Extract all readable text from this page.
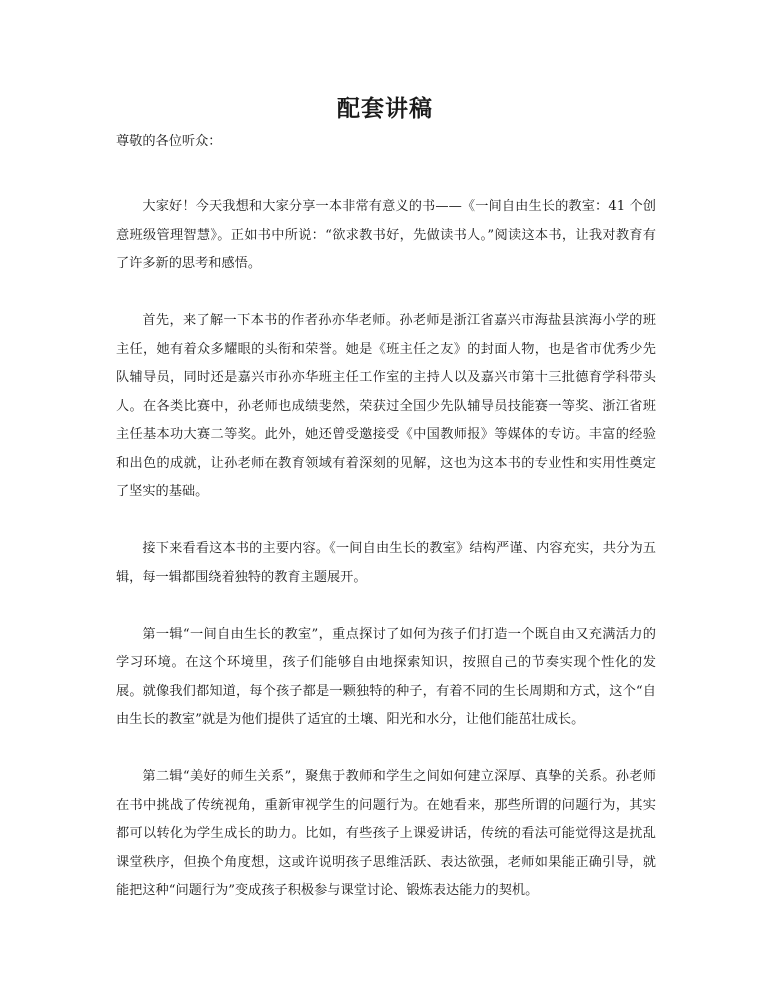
配套讲稿

尊敬的各位听众：

大家好！今天我想和大家分享一本非常有意义的书——《一间自由生长的教室：41 个创意班级管理智慧》。正如书中所说：“欲求教书好，先做读书人。”阅读这本书，让我对教育有了许多新的思考和感悟。

首先，来了解一下本书的作者孙亦华老师。孙老师是浙江省嘉兴市海盐县滨海小学的班主任，她有着众多耀眼的头衔和荣誉。她是《班主任之友》的封面人物，也是省市优秀少先队辅导员，同时还是嘉兴市孙亦华班主任工作室的主持人以及嘉兴市第十三批德育学科带头人。在各类比赛中，孙老师也成绩斐然，荣获过全国少先队辅导员技能赛一等奖、浙江省班主任基本功大赛二等奖。此外，她还曾受邀接受《中国教师报》等媒体的专访。丰富的经验和出色的成就，让孙老师在教育领域有着深刻的见解，这也为这本书的专业性和实用性奠定了坚实的基础。

接下来看看这本书的主要内容。《一间自由生长的教室》结构严谨、内容充实，共分为五辑，每一辑都围绕着独特的教育主题展开。

第一辑“一间自由生长的教室”，重点探讨了如何为孩子们打造一个既自由又充满活力的学习环境。在这个环境里，孩子们能够自由地探索知识，按照自己的节奏实现个性化的发展。就像我们都知道，每个孩子都是一颗独特的种子，有着不同的生长周期和方式，这个“自由生长的教室”就是为他们提供了适宜的土壤、阳光和水分，让他们能茁壮成长。

第二辑“美好的师生关系”，聚焦于教师和学生之间如何建立深厚、真挚的关系。孙老师在书中挑战了传统视角，重新审视学生的问题行为。在她看来，那些所谓的问题行为，其实都可以转化为学生成长的助力。比如，有些孩子上课爱讲话，传统的看法可能觉得这是扰乱课堂秩序，但换个角度想，这或许说明孩子思维活跃、表达欲强，老师如果能正确引导，就能把这种“问题行为”变成孩子积极参与课堂讨论、锻炼表达能力的契机。
